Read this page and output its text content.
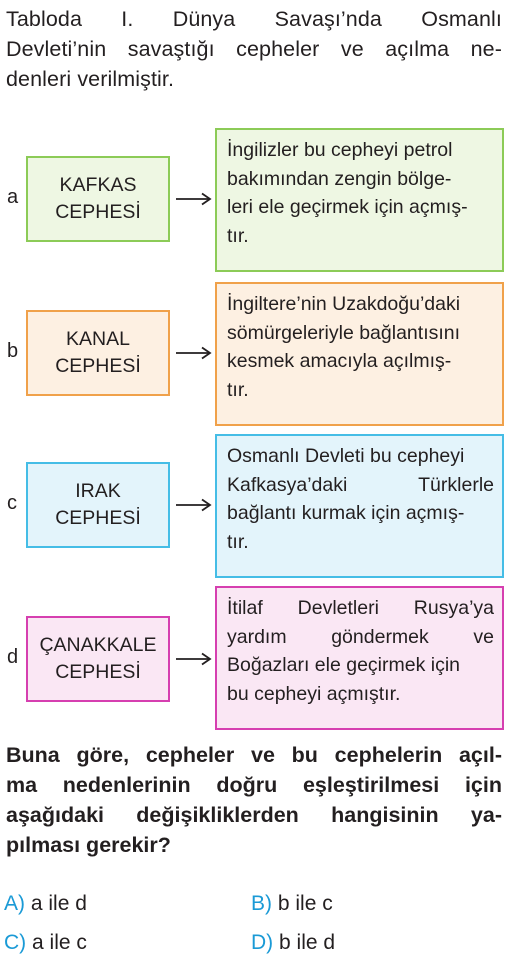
Tabloda I. Dünya Savaşı’nda Osmanlı
Devleti’nin savaştığı cepheler ve açılma ne-
denleri verilmiştir.
a
KAFKAS
CEPHESİ
İngilizler bu cepheyi petrol
bakımından zengin bölge-
leri ele geçirmek için açmış-
tır.
b
KANAL
CEPHESİ
İngiltere’nin Uzakdoğu’daki
sömürgeleriyle bağlantısını
kesmek amacıyla açılmış-
tır.
c
IRAK
CEPHESİ
Osmanlı Devleti bu cepheyi
Kafkasya’daki Türklerle
bağlantı kurmak için açmış-
tır.
d
ÇANAKKALE
CEPHESİ
İtilaf Devletleri Rusya’ya
yardım göndermek ve
Boğazları ele geçirmek için
bu cepheyi açmıştır.
Buna göre, cepheler ve bu cephelerin açıl-
ma nedenlerinin doğru eşleştirilmesi için
aşağıdaki değişikliklerden hangisinin ya-
pılması gerekir?
A) a ile d	B) b ile c
C) a ile c	D) b ile d
